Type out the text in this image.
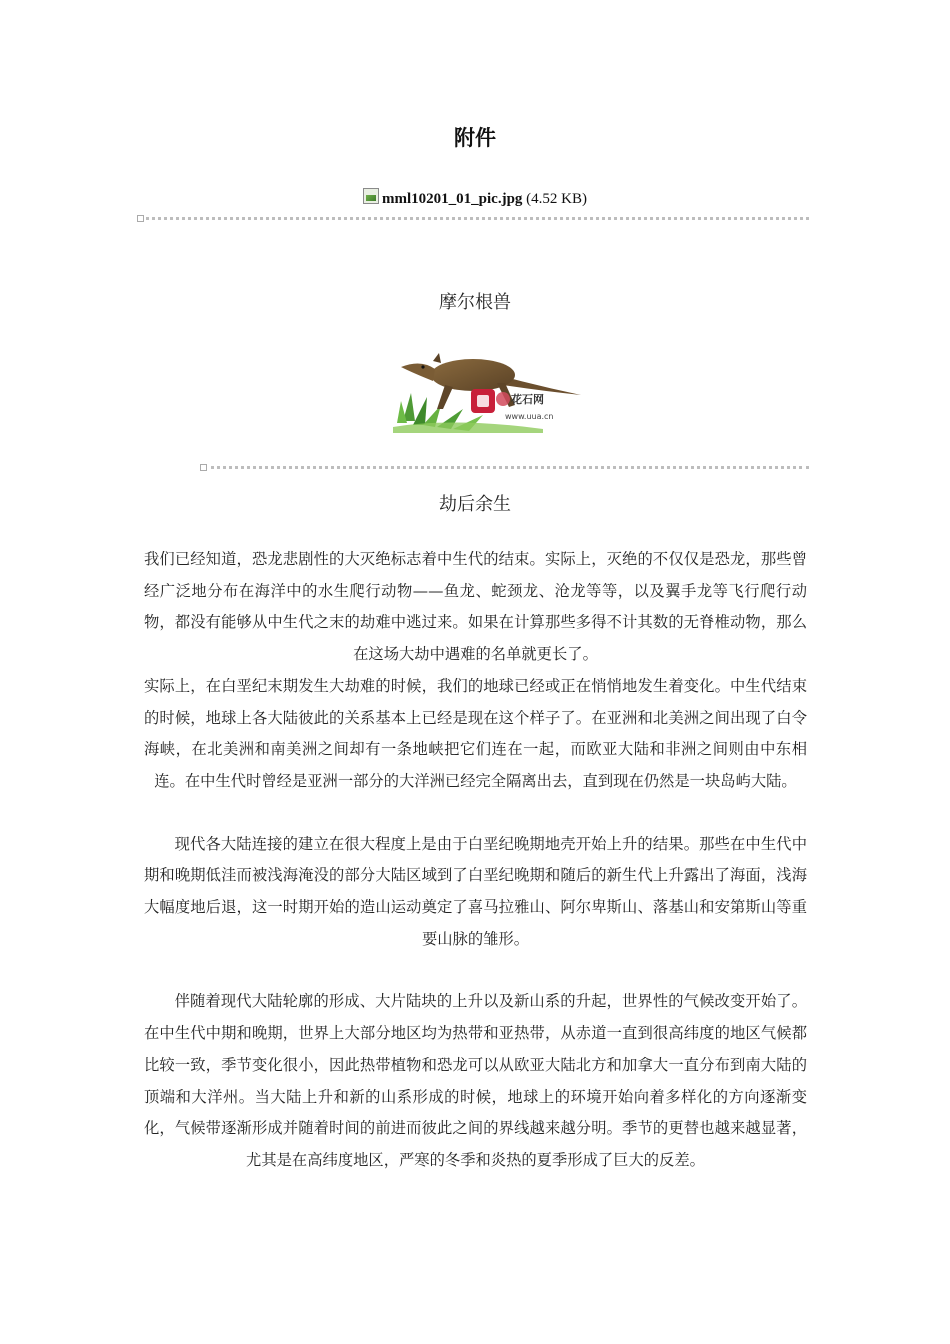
附件
mml10201_01_pic.jpg (4.52 KB)
摩尔根兽
花石网
www.uua.cn
劫后余生

我们已经知道，恐龙悲剧性的大灭绝标志着中生代的结束。实际上，灭绝的不仅仅是恐龙，那些曾经广泛地分布在海洋中的水生爬行动物——鱼龙、蛇颈龙、沧龙等等，以及翼手龙等飞行爬行动物，都没有能够从中生代之末的劫难中逃过来。如果在计算那些多得不计其数的无脊椎动物，那么在这场大劫中遇难的名单就更长了。

实际上，在白垩纪末期发生大劫难的时候，我们的地球已经或正在悄悄地发生着变化。中生代结束的时候，地球上各大陆彼此的关系基本上已经是现在这个样子了。在亚洲和北美洲之间出现了白令海峡，在北美洲和南美洲之间却有一条地峡把它们连在一起，而欧亚大陆和非洲之间则由中东相连。在中生代时曾经是亚洲一部分的大洋洲已经完全隔离出去，直到现在仍然是一块岛屿大陆。

现代各大陆连接的建立在很大程度上是由于白垩纪晚期地壳开始上升的结果。那些在中生代中期和晚期低洼而被浅海淹没的部分大陆区域到了白垩纪晚期和随后的新生代上升露出了海面，浅海大幅度地后退，这一时期开始的造山运动奠定了喜马拉雅山、阿尔卑斯山、落基山和安第斯山等重要山脉的雏形。

伴随着现代大陆轮廓的形成、大片陆块的上升以及新山系的升起，世界性的气候改变开始了。在中生代中期和晚期，世界上大部分地区均为热带和亚热带，从赤道一直到很高纬度的地区气候都比较一致，季节变化很小，因此热带植物和恐龙可以从欧亚大陆北方和加拿大一直分布到南大陆的顶端和大洋州。当大陆上升和新的山系形成的时候，地球上的环境开始向着多样化的方向逐渐变化，气候带逐渐形成并随着时间的前进而彼此之间的界线越来越分明。季节的更替也越来越显著，尤其是在高纬度地区，严寒的冬季和炎热的夏季形成了巨大的反差。
